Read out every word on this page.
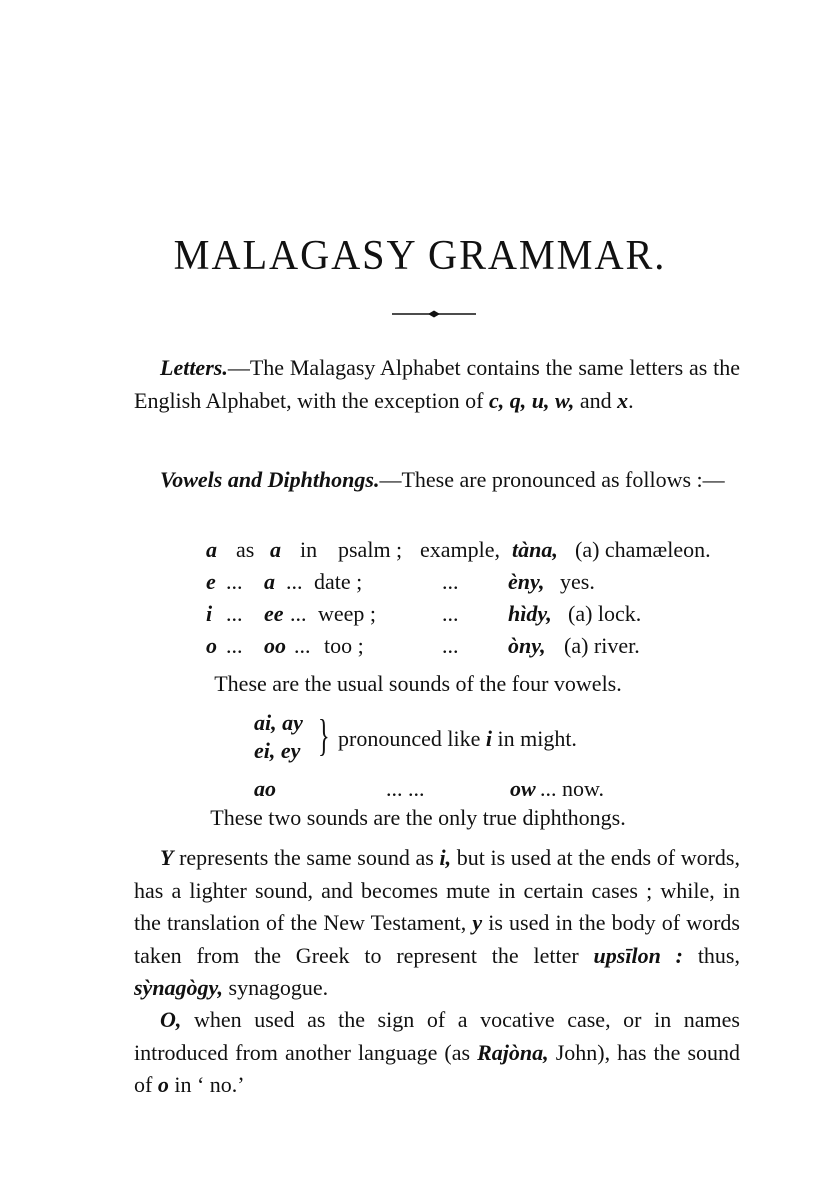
MALAGASY GRAMMAR.

Letters.—The Malagasy Alphabet contains the same letters as the English Alphabet, with the exception of c, q, u, w, and x.

Vowels and Diphthongs.—These are pronounced as follows :—

a as a in psalm ; example, tàna, (a) chamæleon.
e ... a ... date ;	... èny, yes.
i ... ee ... weep ;	... hìdy, (a) lock.
o ... oo ... too ;	... òny, (a) river.
These are the usual sounds of the four vowels.
ai, ay
ei, ey } pronounced like i in might.
ao	... ...	ow ... now.
These two sounds are the only true diphthongs.

Y represents the same sound as i, but is used at the ends of words, has a lighter sound, and becomes mute in certain cases ; while, in the translation of the New Testament, y is used in the body of words taken from the Greek to represent the letter upsīlon : thus, sỳnagògy, synagogue.

O, when used as the sign of a vocative case, or in names introduced from another language (as Rajòna, John), has the sound of o in ‘ no.’
